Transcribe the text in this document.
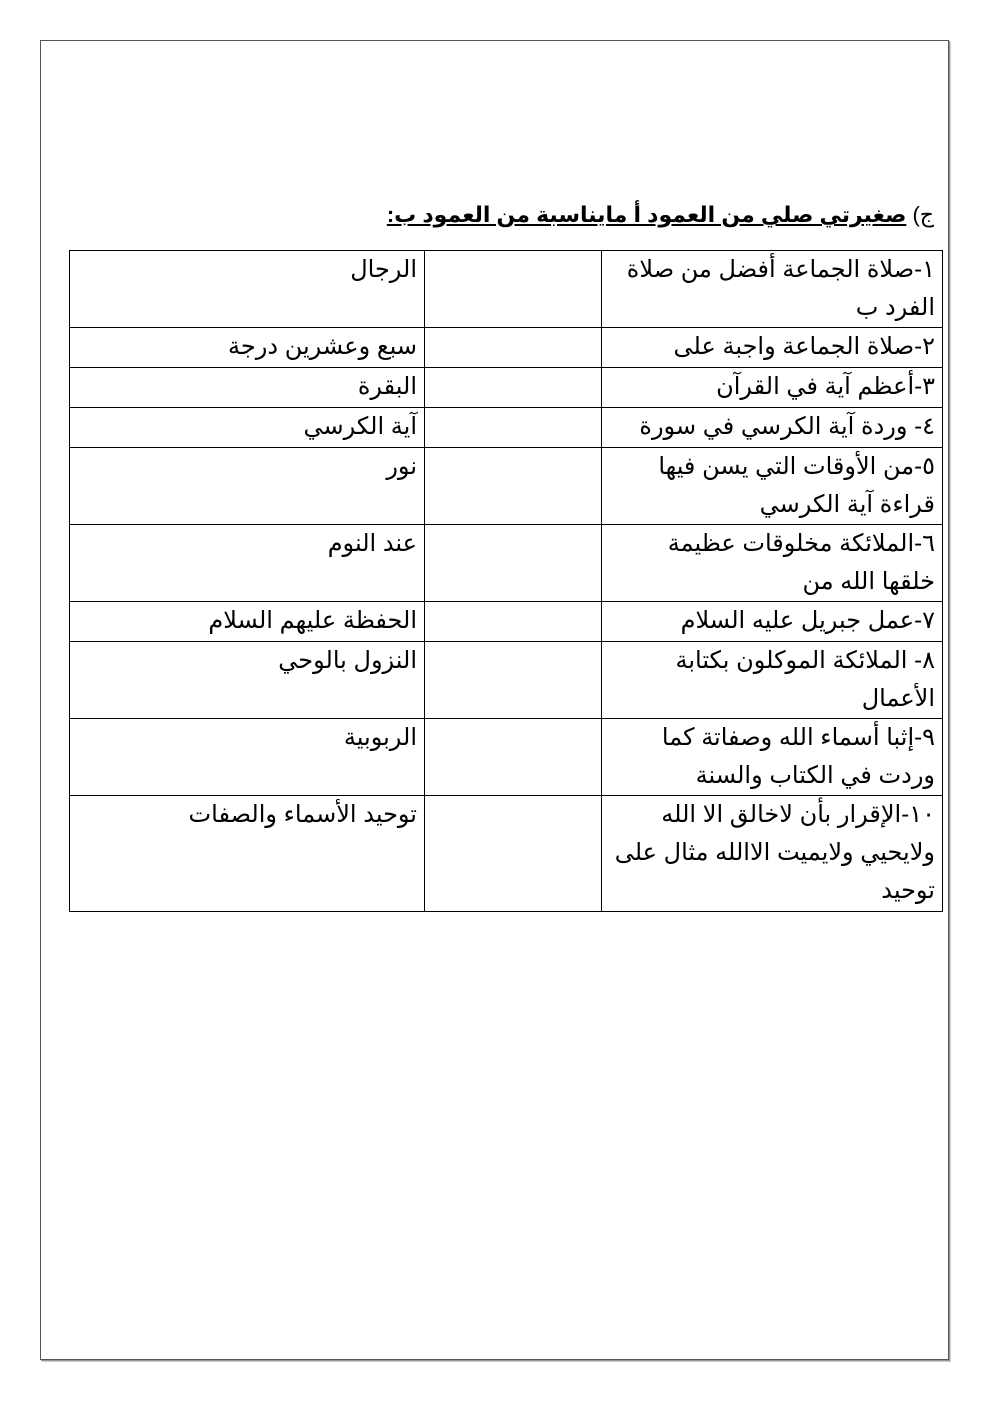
ج) صغيرتي صلي من العمود أ مايناسبة من العمود ب:
١-صلاة الجماعة أفضل من صلاة الفرد ب		الرجال
٢-صلاة الجماعة واجبة على		سبع وعشرين درجة
٣-أعظم آية في القرآن		البقرة
٤- وردة آية الكرسي في سورة		آية الكرسي
٥-من الأوقات التي يسن فيها قراءة آية الكرسي		نور
٦-الملائكة مخلوقات عظيمة خلقها الله من		عند النوم
٧-عمل جبريل عليه السلام		الحفظة عليهم السلام
٨- الملائكة الموكلون بكتابة الأعمال		النزول بالوحي
٩-إثبا أسماء الله وصفاتة كما وردت في الكتاب والسنة		الربوبية
١٠-الإقرار بأن لاخالق الا الله ولايحيي ولايميت الاالله مثال على توحيد		توحيد الأسماء والصفات
